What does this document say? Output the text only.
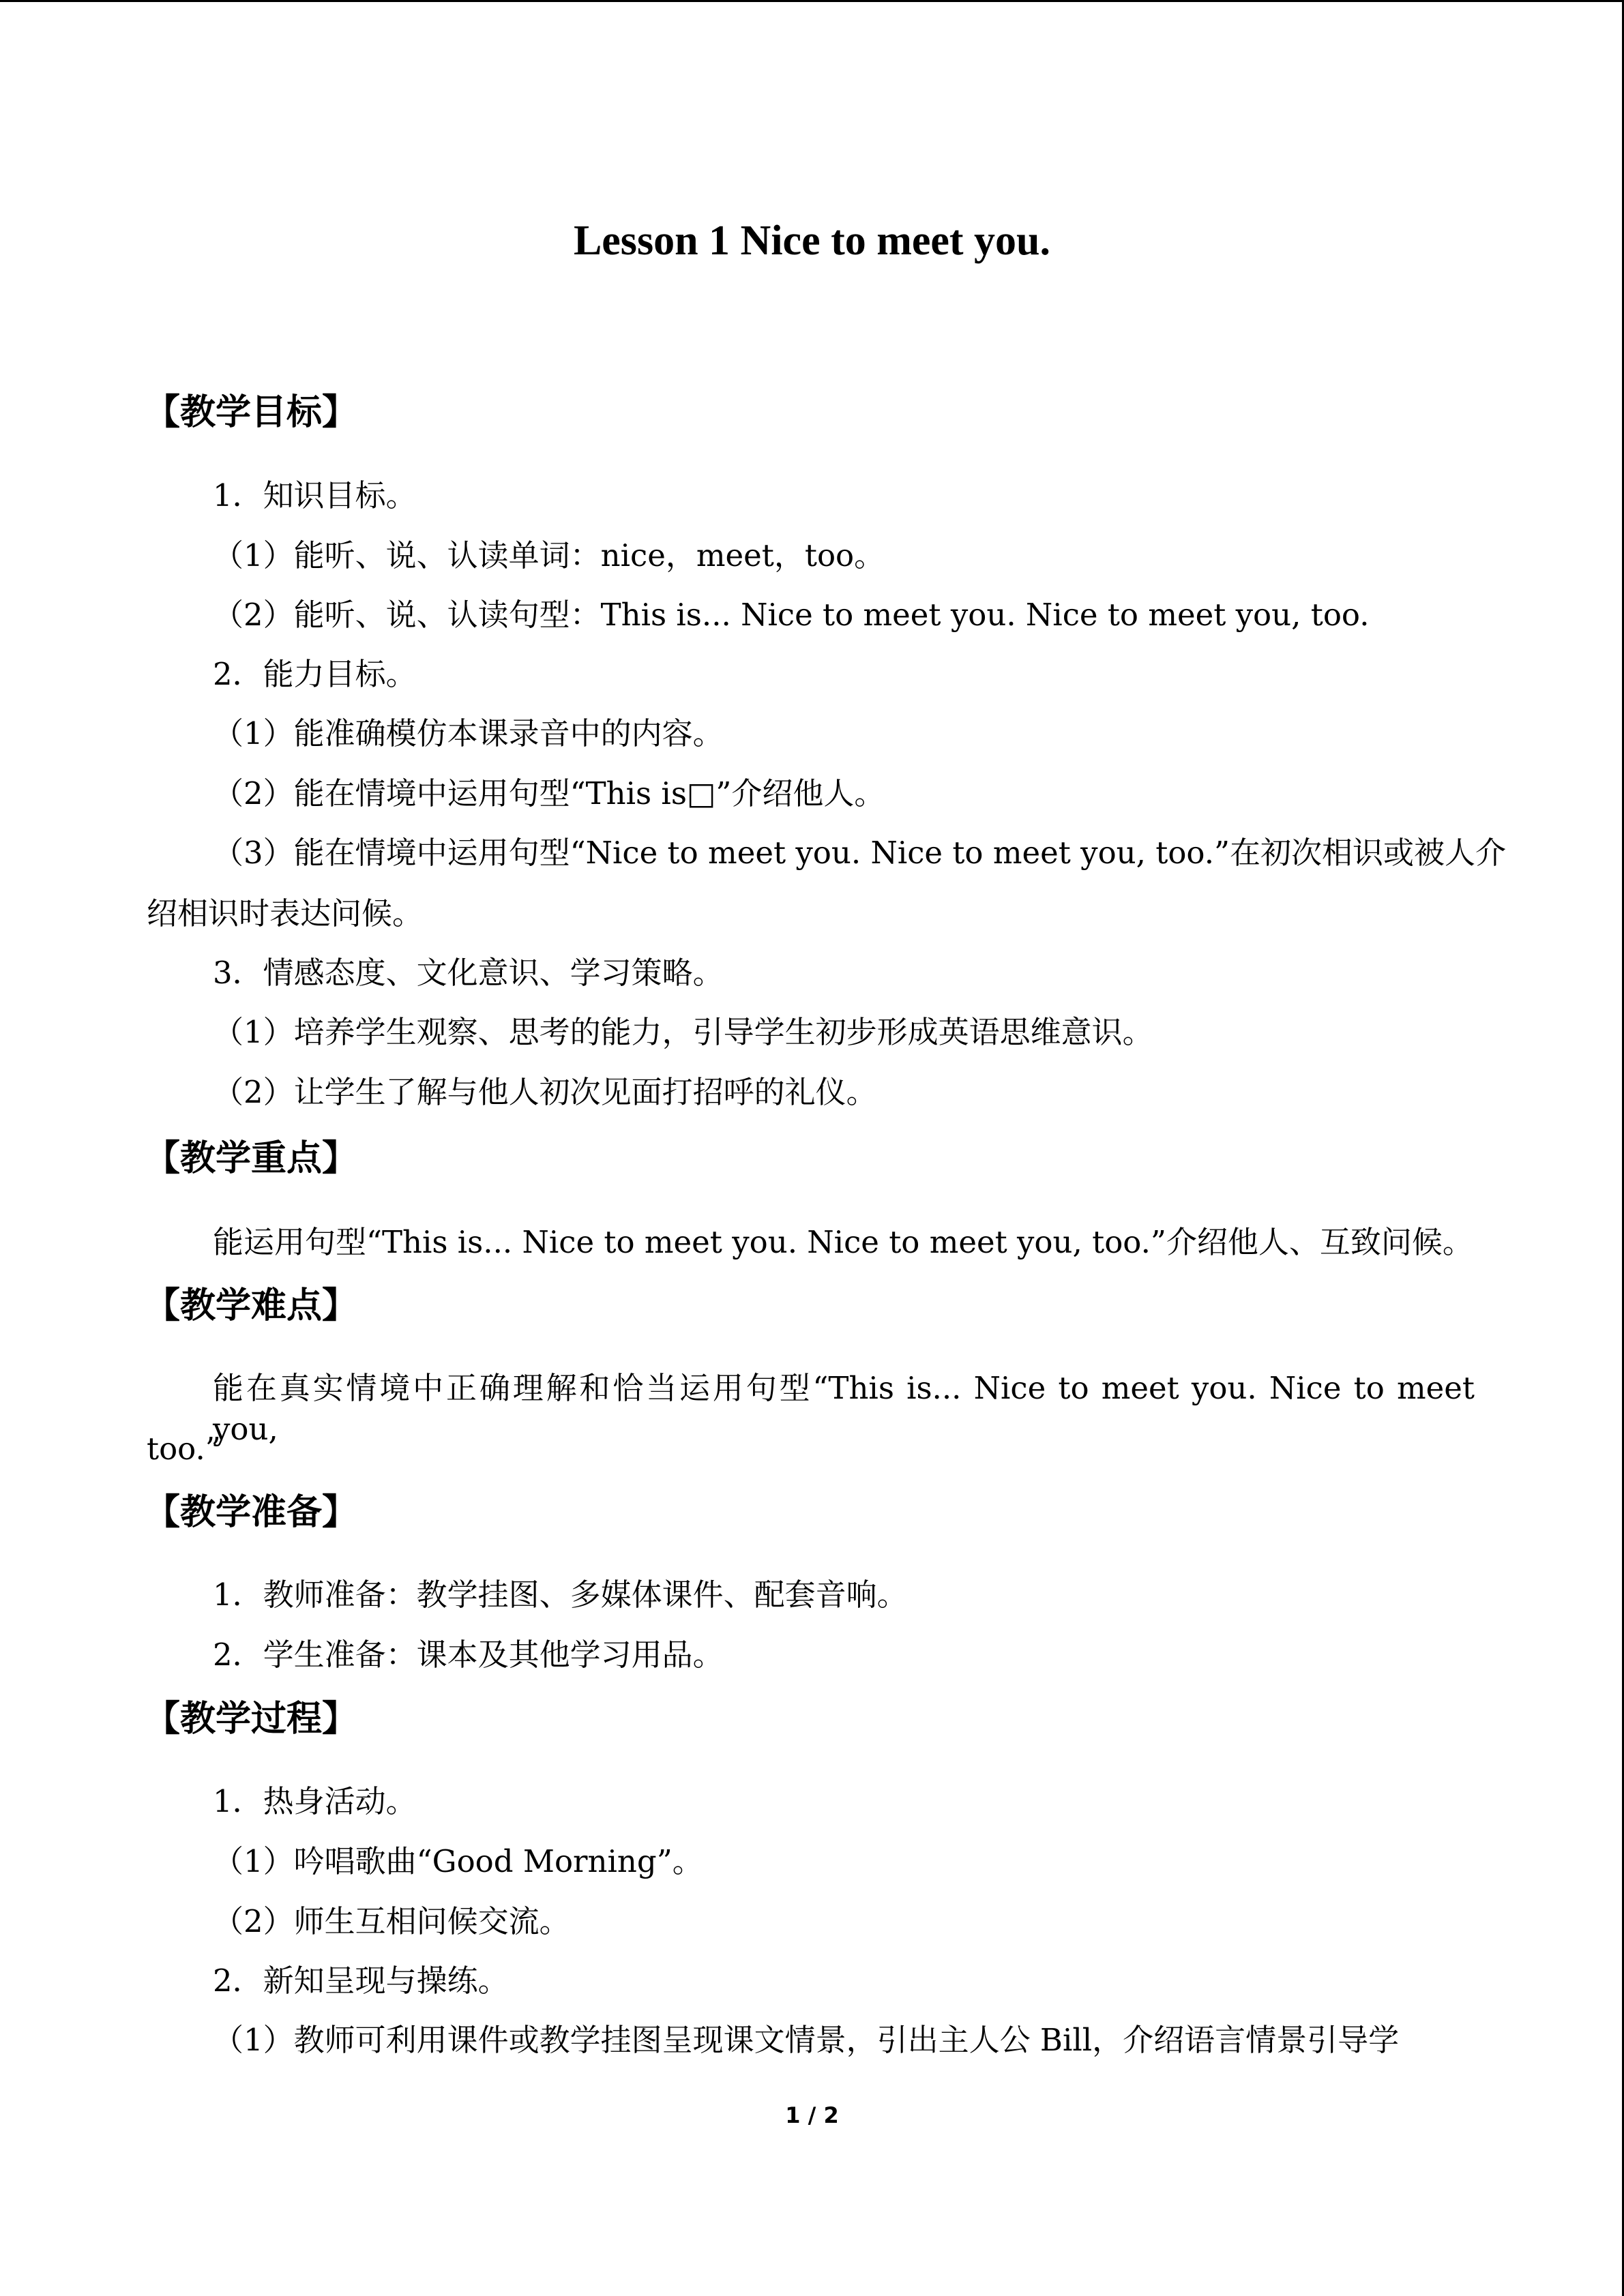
Lesson 1 Nice to meet you.
【教学目标】
1．知识目标。
（1）能听、说、认读单词：nice，meet，too。
（2）能听、说、认读句型：This is... Nice to meet you. Nice to meet you, too.
2．能力目标。
（1）能准确模仿本课录音中的内容。
（2）能在情境中运用句型“This is□”介绍他人。
（3）能在情境中运用句型“Nice to meet you. Nice to meet you, too.”在初次相识或被人介
绍相识时表达问候。
3．情感态度、文化意识、学习策略。
（1）培养学生观察、思考的能力，引导学生初步形成英语思维意识。
（2）让学生了解与他人初次见面打招呼的礼仪。
【教学重点】
能运用句型“This is... Nice to meet you. Nice to meet you, too.”介绍他人、互致问候。
【教学难点】
能在真实情境中正确理解和恰当运用句型“This is... Nice to meet you. Nice to meet you,
too.”
【教学准备】
1．教师准备：教学挂图、多媒体课件、配套音响。
2．学生准备：课本及其他学习用品。
【教学过程】
1．热身活动。
（1）吟唱歌曲“Good Morning”。
（2）师生互相问候交流。
2．新知呈现与操练。
（1）教师可利用课件或教学挂图呈现课文情景，引出主人公 Bill，介绍语言情景引导学
1 / 2
